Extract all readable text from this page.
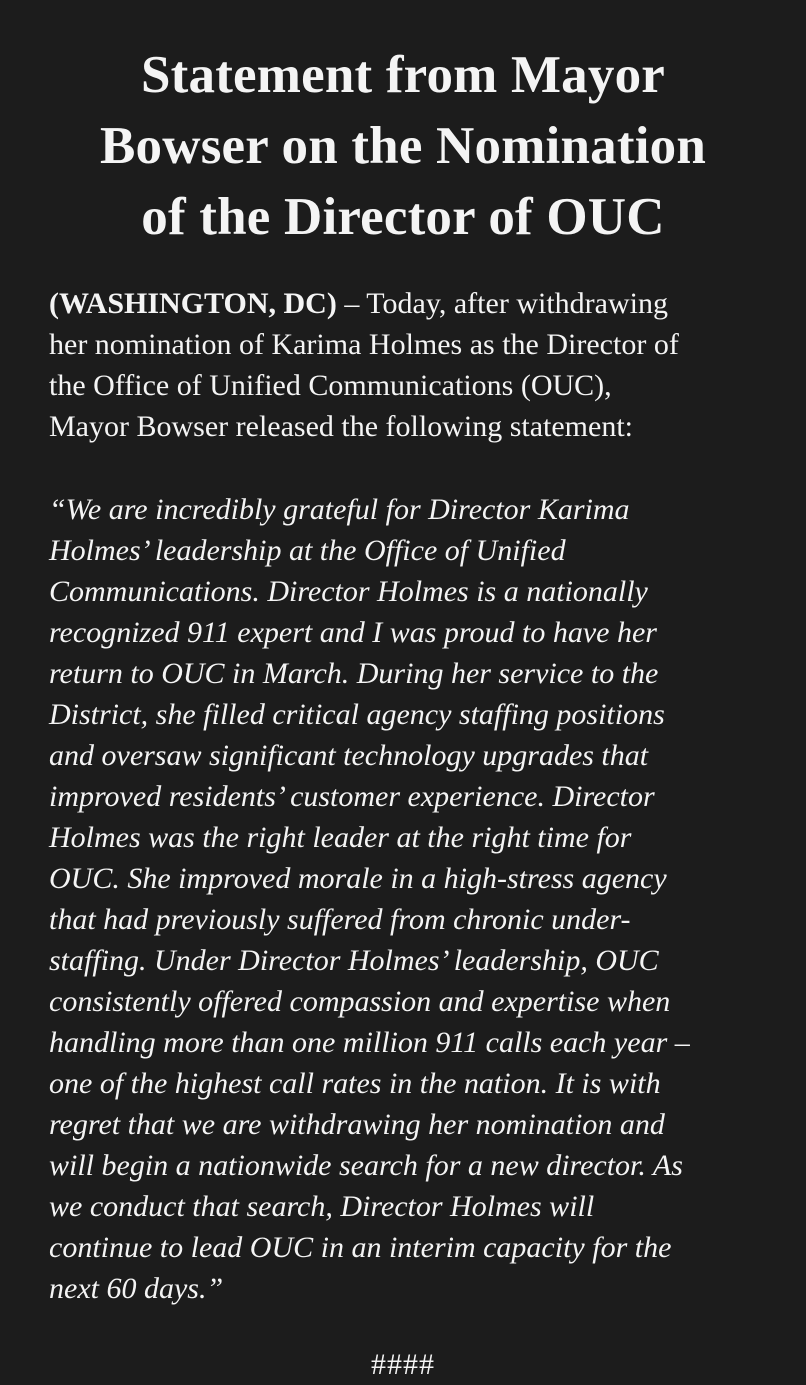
Statement from Mayor
Bowser on the Nomination
of the Director of OUC

(WASHINGTON, DC) – Today, after withdrawing
her nomination of Karima Holmes as the Director of
the Office of Unified Communications (OUC),
Mayor Bowser released the following statement:

“We are incredibly grateful for Director Karima
Holmes’ leadership at the Office of Unified
Communications. Director Holmes is a nationally
recognized 911 expert and I was proud to have her
return to OUC in March. During her service to the
District, she filled critical agency staffing positions
and oversaw significant technology upgrades that
improved residents’ customer experience. Director
Holmes was the right leader at the right time for
OUC. She improved morale in a high-stress agency
that had previously suffered from chronic under-
staffing. Under Director Holmes’ leadership, OUC
consistently offered compassion and expertise when
handling more than one million 911 calls each year –
one of the highest call rates in the nation. It is with
regret that we are withdrawing her nomination and
will begin a nationwide search for a new director. As
we conduct that search, Director Holmes will
continue to lead OUC in an interim capacity for the
next 60 days.”

####
